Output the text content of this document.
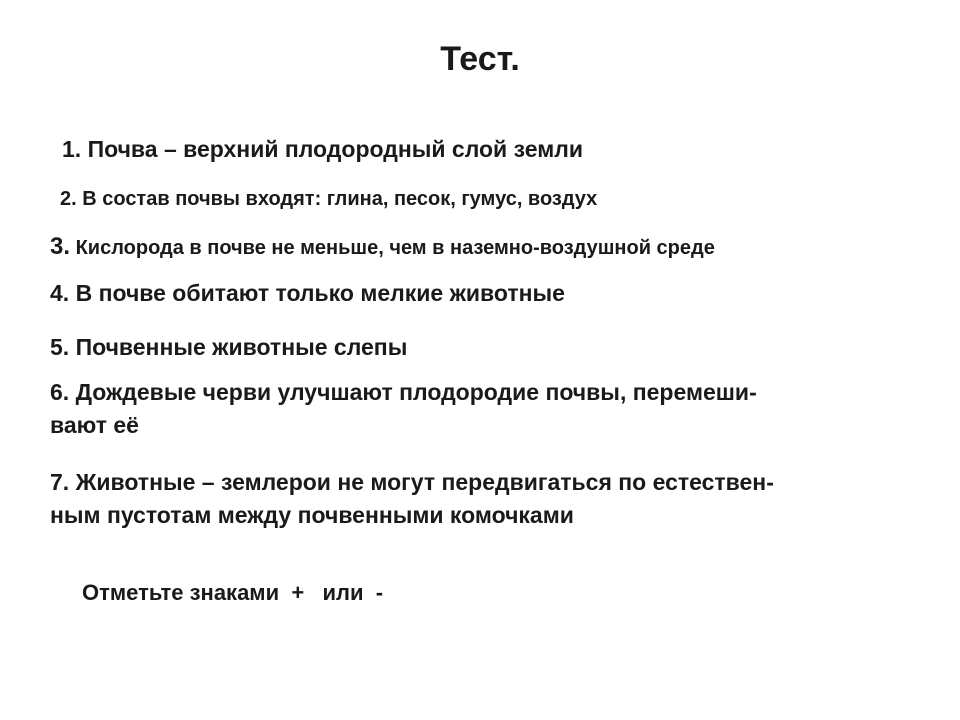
Тест.
1. Почва – верхний плодородный слой земли
2. В состав почвы входят: глина, песок, гумус, воздух
3. Кислорода в почве не меньше, чем в наземно-воздушной среде
4. В почве обитают только мелкие животные
5. Почвенные животные слепы
6. Дождевые черви улучшают плодородие почвы, перемеши-
вают её
7. Животные – землерои не могут передвигаться по естествен-
ным пустотам между почвенными комочками
Отметьте знаками  +   или  -
